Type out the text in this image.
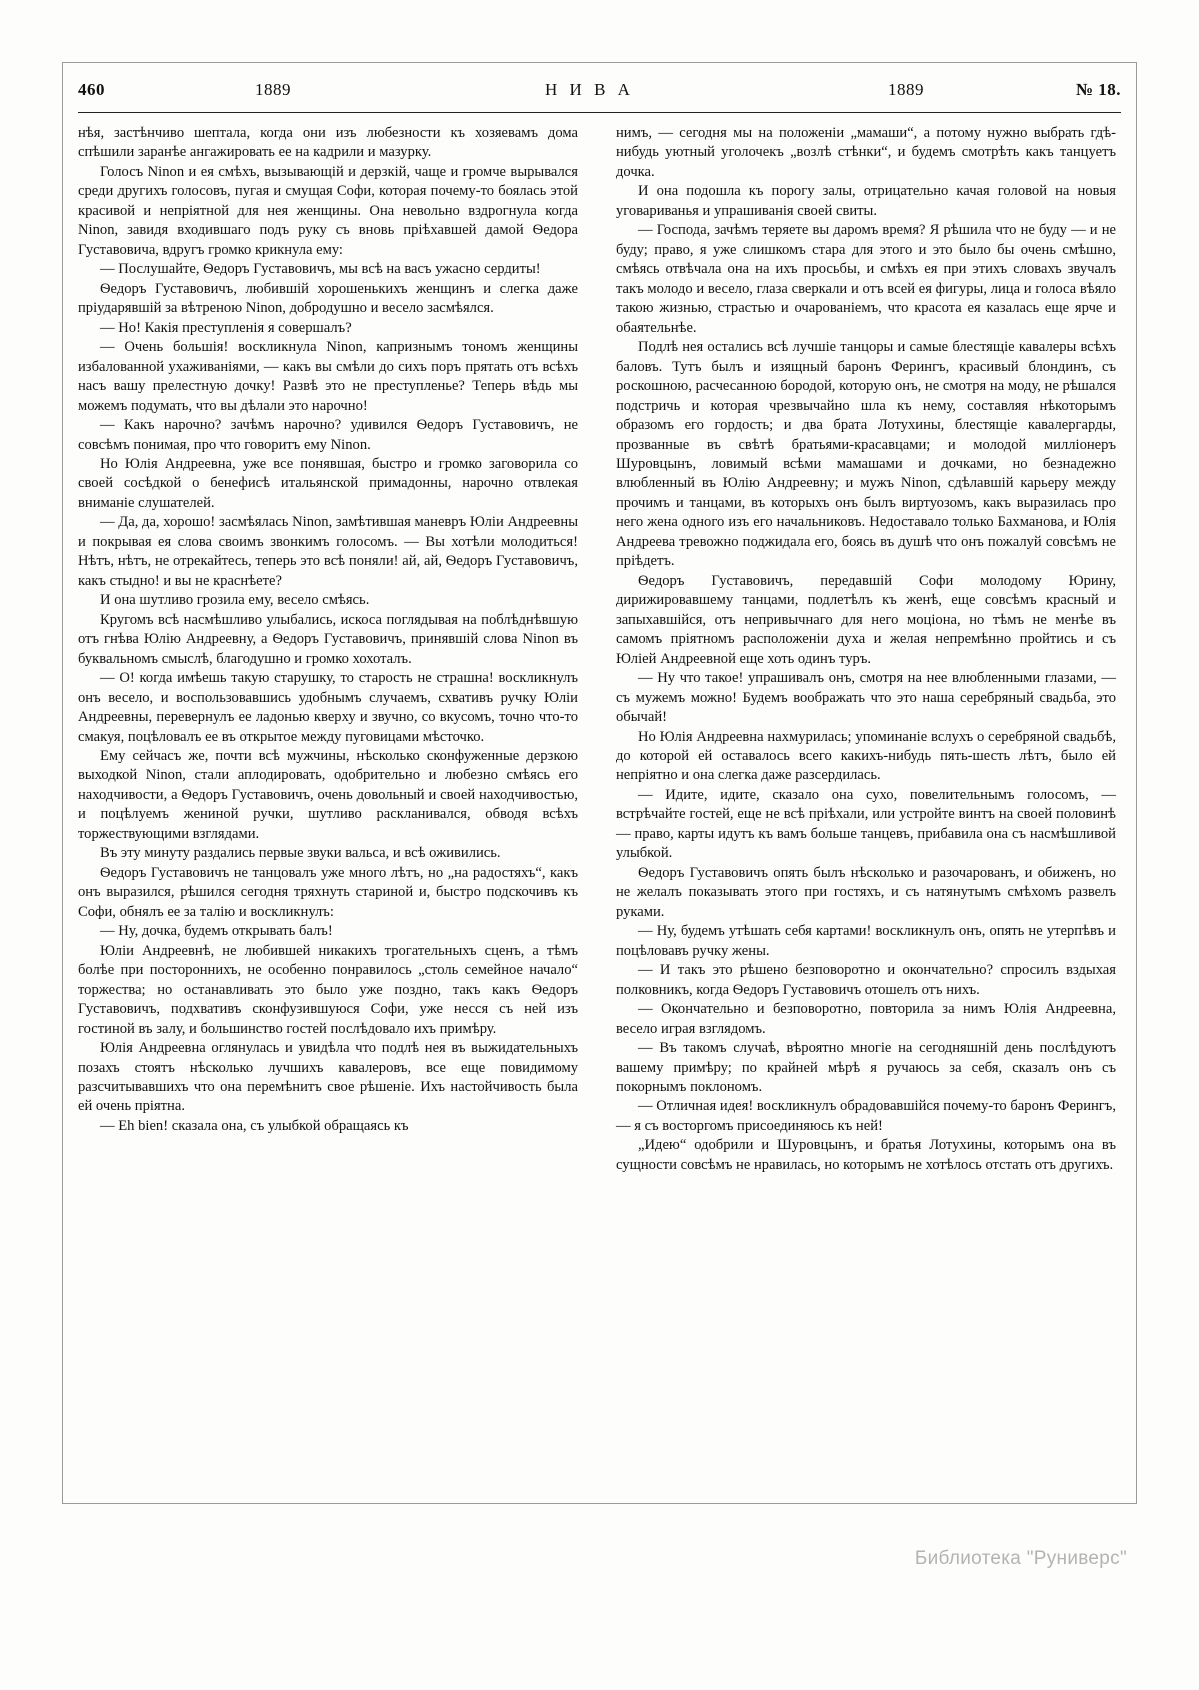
460	1889	Н И В А	1889	№ 18.

нѣя, застѣнчиво шептала, когда они изъ любезности къ хозяевамъ дома спѣшили заранѣе ангажировать ее на кадрили и мазурку.

Голосъ Ninon и ея смѣхъ, вызывающій и дерзкій, чаще и громче вырывался среди другихъ голосовъ, пугая и смущая Софи, которая почему-то боялась этой красивой и непріятной для нея женщины. Она невольно вздрогнула когда Ninon, завидя входившаго подъ руку съ вновь пріѣхавшей дамой Ѳедора Густавовича, вдругъ громко крикнула ему:

— Послушайте, Ѳедоръ Густавовичъ, мы всѣ на васъ ужасно сердиты!

Ѳедоръ Густавовичъ, любившій хорошенькихъ женщинъ и слегка даже пріударявшій за вѣтреною Ninon, добродушно и весело засмѣялся.

— Но! Какія преступленія я совершалъ?

— Очень большія! воскликнула Ninon, капризнымъ тономъ женщины избалованной ухаживаніями, — какъ вы смѣли до сихъ поръ прятать отъ всѣхъ насъ вашу прелестную дочку! Развѣ это не преступленье? Теперь вѣдь мы можемъ подумать, что вы дѣлали это нарочно!

— Какъ нарочно? зачѣмъ нарочно? удивился Ѳедоръ Густавовичъ, не совсѣмъ понимая, про что говоритъ ему Ninon.

Но Юлія Андреевна, уже все понявшая, быстро и громко заговорила со своей сосѣдкой о бенефисѣ итальянской примадонны, нарочно отвлекая вниманіе слушателей.

— Да, да, хорошо! засмѣялась Ninon, замѣтившая маневръ Юліи Андреевны и покрывая ея слова своимъ звонкимъ голосомъ. — Вы хотѣли молодиться! Нѣтъ, нѣтъ, не отрекайтесь, теперь это всѣ поняли! ай, ай, Ѳедоръ Густавовичъ, какъ стыдно! и вы не краснѣете?

И она шутливо грозила ему, весело смѣясь.

Кругомъ всѣ насмѣшливо улыбались, искоса поглядывая на поблѣднѣвшую отъ гнѣва Юлію Андреевну, а Ѳедоръ Густавовичъ, принявшій слова Ninon въ буквальномъ смыслѣ, благодушно и громко хохоталъ.

— О! когда имѣешь такую старушку, то старость не страшна! воскликнулъ онъ весело, и воспользовавшись удобнымъ случаемъ, схвативъ ручку Юліи Андреевны, перевернулъ ее ладонью кверху и звучно, со вкусомъ, точно что-то смакуя, поцѣловалъ ее въ открытое между пуговицами мѣсточко.

Ему сейчасъ же, почти всѣ мужчины, нѣсколько сконфуженные дерзкою выходкой Ninon, стали аплодировать, одобрительно и любезно смѣясь его находчивости, а Ѳедоръ Густавовичъ, очень довольный и своей находчивостью, и поцѣлуемъ жениной ручки, шутливо раскланивался, обводя всѣхъ торжествующими взглядами.

Въ эту минуту раздались первые звуки вальса, и всѣ оживились.

Ѳедоръ Густавовичъ не танцовалъ уже много лѣтъ, но „на радостяхъ“, какъ онъ выразился, рѣшился сегодня тряхнуть стариной и, быстро подскочивъ къ Софи, обнялъ ее за талію и воскликнулъ:

— Ну, дочка, будемъ открывать балъ!

Юліи Андреевнѣ, не любившей никакихъ трогательныхъ сценъ, а тѣмъ болѣе при постороннихъ, не особенно понравилось „столь семейное начало“ торжества; но останавливать это было уже поздно, такъ какъ Ѳедоръ Густавовичъ, подхвативъ сконфузившуюся Софи, уже несся съ ней изъ гостиной въ залу, и большинство гостей послѣдовало ихъ примѣру.

Юлія Андреевна оглянулась и увидѣла что подлѣ нея въ выжидательныхъ позахъ стоятъ нѣсколько лучшихъ кавалеровъ, все еще повидимому разсчитывавшихъ что она перемѣнитъ свое рѣшеніе. Ихъ настойчивость была ей очень пріятна.

— Eh bien! сказала она, съ улыбкой обращаясь къ

нимъ, — сегодня мы на положеніи „мамаши“, а потому нужно выбрать гдѣ-нибудь уютный уголочекъ „возлѣ стѣнки“, и будемъ смотрѣть какъ танцуетъ дочка.

И она подошла къ порогу залы, отрицательно качая головой на новыя уговариванья и упрашиванія своей свиты.

— Господа, зачѣмъ теряете вы даромъ время? Я рѣшила что не буду — и не буду; право, я уже слишкомъ стара для этого и это было бы очень смѣшно, смѣясь отвѣчала она на ихъ просьбы, и смѣхъ ея при этихъ словахъ звучалъ такъ молодо и весело, глаза сверкали и отъ всей ея фигуры, лица и голоса вѣяло такою жизнью, страстью и очарованіемъ, что красота ея казалась еще ярче и обаятельнѣе.

Подлѣ нея остались всѣ лучшіе танцоры и самые блестящіе кавалеры всѣхъ баловъ. Тутъ былъ и изящный баронъ Ферингъ, красивый блондинъ, съ роскошною, расчесанною бородой, которую онъ, не смотря на моду, не рѣшался подстричь и которая чрезвычайно шла къ нему, составляя нѣкоторымъ образомъ его гордость; и два брата Лотухины, блестящіе кавалергарды, прозванные въ свѣтѣ братьями-красавцами; и молодой милліонеръ Шуровцынъ, ловимый всѣми мамашами и дочками, но безнадежно влюбленный въ Юлію Андреевну; и мужъ Ninon, сдѣлавшій карьеру между прочимъ и танцами, въ которыхъ онъ былъ виртуозомъ, какъ выразилась про него жена одного изъ его начальниковъ. Недоставало только Бахманова, и Юлія Андреева тревожно поджидала его, боясь въ душѣ что онъ пожалуй совсѣмъ не пріѣдетъ.

Ѳедоръ Густавовичъ, передавшій Софи молодому Юрину, дирижировавшему танцами, подлетѣлъ къ женѣ, еще совсѣмъ красный и запыхавшійся, отъ непривычнаго для него моціона, но тѣмъ не менѣе въ самомъ пріятномъ расположеніи духа и желая непремѣнно пройтись и съ Юліей Андреевной еще хоть одинъ туръ.

— Ну что такое! упрашивалъ онъ, смотря на нее влюбленными глазами, — съ мужемъ можно! Будемъ воображать что это наша серебряный свадьба, это обычай!

Но Юлія Андреевна нахмурилась; упоминаніе вслухъ о серебряной свадьбѣ, до которой ей оставалось всего какихъ-нибудь пять-шесть лѣтъ, было ей непріятно и она слегка даже разсердилась.

— Идите, идите, сказало она сухо, повелительнымъ голосомъ, — встрѣчайте гостей, еще не всѣ пріѣхали, или устройте винтъ на своей половинѣ — право, карты идутъ къ вамъ больше танцевъ, прибавила она съ насмѣшливой улыбкой.

Ѳедоръ Густавовичъ опять былъ нѣсколько и разочарованъ, и обиженъ, но не желалъ показывать этого при гостяхъ, и съ натянутымъ смѣхомъ развелъ руками.

— Ну, будемъ утѣшать себя картами! воскликнулъ онъ, опять не утерпѣвъ и поцѣловавъ ручку жены.

— И такъ это рѣшено безповоротно и окончательно? спросилъ вздыхая полковникъ, когда Ѳедоръ Густавовичъ отошелъ отъ нихъ.

— Окончательно и безповоротно, повторила за нимъ Юлія Андреевна, весело играя взглядомъ.

— Въ такомъ случаѣ, вѣроятно многіе на сегодняшній день послѣдуютъ вашему примѣру; по крайней мѣрѣ я ручаюсь за себя, сказалъ онъ съ покорнымъ поклономъ.

— Отличная идея! воскликнулъ обрадовавшійся почему-то баронъ Ферингъ, — я съ восторгомъ присоединяюсь къ ней!

„Идею“ одобрили и Шуровцынъ, и братья Лотухины, которымъ она въ сущности совсѣмъ не нравилась, но которымъ не хотѣлось отстать отъ другихъ.

Библиотека "Руниверс"
